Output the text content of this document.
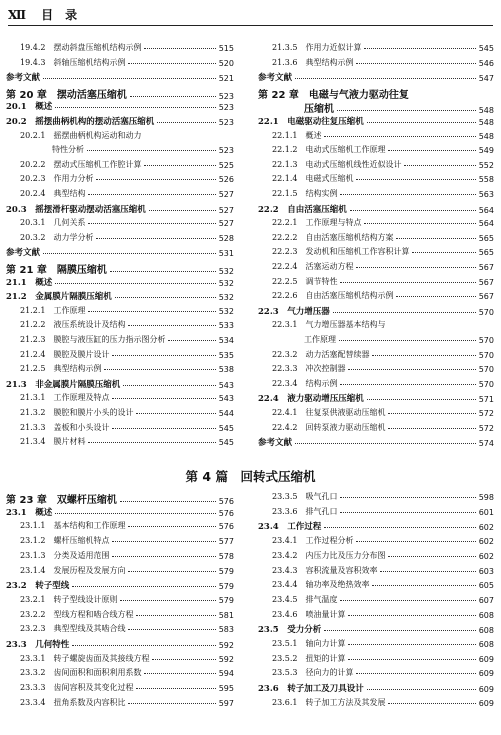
Ⅻ 目　录
19.4.2　摆动斜盘压缩机结构示例	515
19.4.3　斜轴压缩机结构示例	520
参考文献	521
第 20 章　摆动活塞压缩机	523
20.1　概述	523
20.2　摇摆曲柄机构的摆动活塞压缩机	523
20.2.1　摇摆曲柄机构运动和动力
特性分析	523
20.2.2　摆动式压缩机工作腔计算	525
20.2.3　作用力分析	526
20.2.4　典型结构	527
20.3　摇摆滑杆驱动摆动活塞压缩机	527
20.3.1　几何关系	527
20.3.2　动力学分析	528
参考文献	531
第 21 章　隔膜压缩机	532
21.1　概述	532
21.2　金属膜片隔膜压缩机	532
21.2.1　工作原理	532
21.2.2　液压系统设计及结构	533
21.2.3　膜腔与液压缸的压力指示图分析	534
21.2.4　膜腔及膜片设计	535
21.2.5　典型结构示例	538
21.3　非金属膜片隔膜压缩机	543
21.3.1　工作原理及特点	543
21.3.2　膜腔和膜片小头的设计	544
21.3.3　盖板和小头设计	545
21.3.4　膜片材料	545
21.3.5　作用力近似计算	545
21.3.6　典型结构示例	546
参考文献	547
第 22 章　电磁与气液力驱动往复
压缩机	548
22.1　电磁驱动往复压缩机	548
22.1.1　概述	548
22.1.2　电动式压缩机工作原理	549
22.1.3　电动式压缩机线性近似设计	552
22.1.4　电磁式压缩机	558
22.1.5　结构实例	563
22.2　自由活塞压缩机	564
22.2.1　工作原理与特点	564
22.2.2　自由活塞压缩机结构方案	565
22.2.3　发动机和压缩机工作容积计算	565
22.2.4　活塞运动方程	567
22.2.5　调节特性	567
22.2.6　自由活塞压缩机结构示例	567
22.3　气力增压器	570
22.3.1　气力增压器基本结构与
工作原理	570
22.3.2　动力活塞配替续器	570
22.3.3　冲次控制器	570
22.3.4　结构示例	570
22.4　液力驱动增压压缩机	571
22.4.1　往复泵供液驱动压缩机	572
22.4.2　回转泵液力驱动压缩机	572
参考文献	574
第 4 篇　回转式压缩机
第 23 章　双螺杆压缩机	576
23.1　概述	576
23.1.1　基本结构和工作原理	576
23.1.2　螺杆压缩机特点	577
23.1.3　分类及适用范围	578
23.1.4　发展历程及发展方向	579
23.2　转子型线	579
23.2.1　转子型线设计原则	579
23.2.2　型线方程和啮合线方程	581
23.2.3　典型型线及其啮合线	583
23.3　几何特性	592
23.3.1　转子螺旋齿面及其接线方程	592
23.3.2　齿间面积和面积利用系数	594
23.3.3　齿间容积及其变化过程	595
23.3.4　扭角系数及内容积比	597
23.3.5　吸气孔口	598
23.3.6　排气孔口	601
23.4　工作过程	602
23.4.1　工作过程分析	602
23.4.2　内压力比及压力分布图	602
23.4.3　容积流量及容积效率	603
23.4.4　轴功率及绝热效率	605
23.4.5　排气温度	607
23.4.6　喷油量计算	608
23.5　受力分析	608
23.5.1　轴向力计算	608
23.5.2　扭矩的计算	609
23.5.3　径向力的计算	609
23.6　转子加工及刀具设计	609
23.6.1　转子加工方法及其发展	609
